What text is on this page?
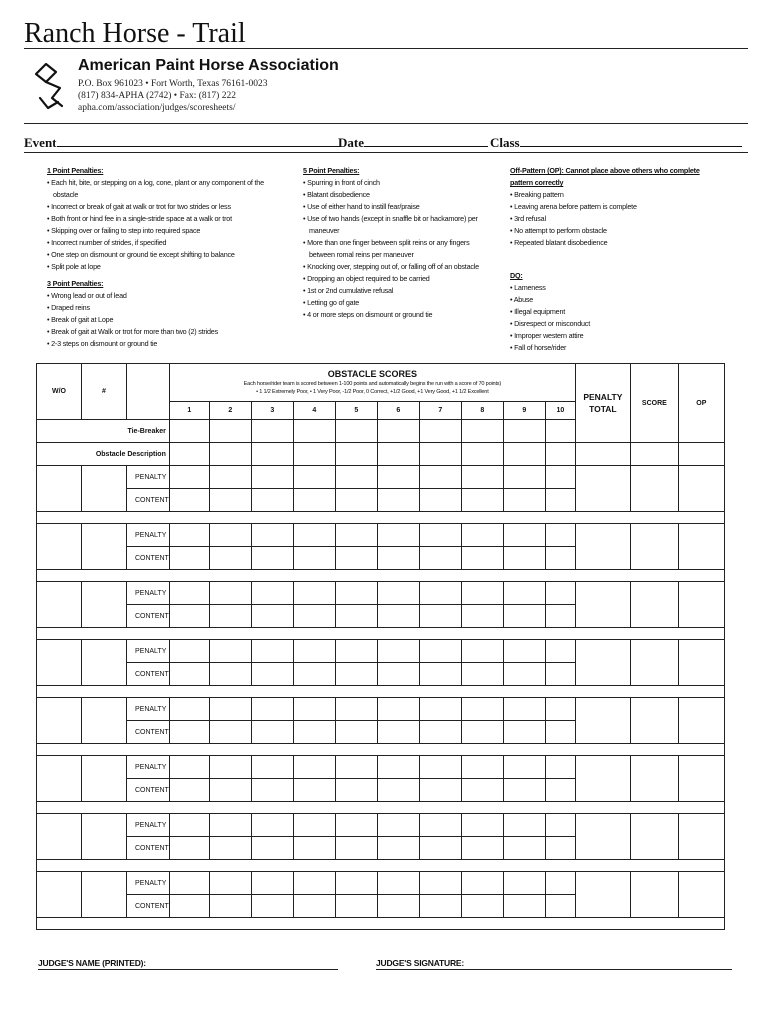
Ranch Horse - Trail
American Paint Horse Association
P.O. Box 961023 • Fort Worth, Texas 76161-0023
(817) 834-APHA (2742) • Fax: (817) 222
apha.com/association/judges/scoresheets/
Event	Date	Class
1 Point Penalties:
• Each hit, bite, or stepping on a log, cone, plant or any component of the
obstacle
• Incorrect or break of gait at walk or trot for two strides or less
• Both front or hind fee in a single-stride space at a walk or trot
• Skipping over or failing to step into required space
• Incorrect number of strides, if specified
• One step on dismount or ground tie except shifting to balance
• Split pole at lope
3 Point Penalties:
• Wrong lead or out of lead
• Draped reins
• Break of gait at Lope
• Break of gait at Walk or trot for more than two (2) strides
• 2-3 steps on dismount or ground tie
5 Point Penalties:
• Spurring in front of cinch
• Blatant disobedience
• Use of either hand to instill fear/praise
• Use of two hands (except in snaffle bit or hackamore) per
maneuver
• More than one finger between split reins or any fingers
between romal reins per maneuver
• Knocking over, stepping out of, or falling off of an obstacle
• Dropping an object required to be carried
• 1st or 2nd cumulative refusal
• Letting go of gate
• 4 or more steps on dismount or ground tie
Off-Pattern (OP): Cannot place above others who complete
pattern correctly
• Breaking pattern
• Leaving arena before pattern is complete
• 3rd refusal
• No attempt to perform obstacle
• Repeated blatant disobedience
DQ:
• Lameness
• Abuse
• Illegal equipment
• Disrespect or misconduct
• Improper western attire
• Fall of horse/rider
W/O	#		OBSTACLE SCORES
Each horse/rider team is scored between 1-100 points and automatically begins the run with a score of 70 points)
• 1 1/2 Extremely Poor, • 1 Very Poor, -1/2 Poor, 0 Correct, +1/2 Good, +1 Very Good, +1 1/2 Excellent										PENALTY TOTAL	SCORE	OP
			1	2	3	4	5	6	7	8	9	10			
Tie-Breaker															
Obstacle Description															
		PENALTY													
		CONTENT													

		PENALTY													
		CONTENT													

		PENALTY													
		CONTENT													

		PENALTY													
		CONTENT													

		PENALTY													
		CONTENT													

		PENALTY													
		CONTENT													

		PENALTY													
		CONTENT													

		PENALTY													
		CONTENT													

JUDGE'S NAME (PRINTED):	JUDGE'S SIGNATURE:
